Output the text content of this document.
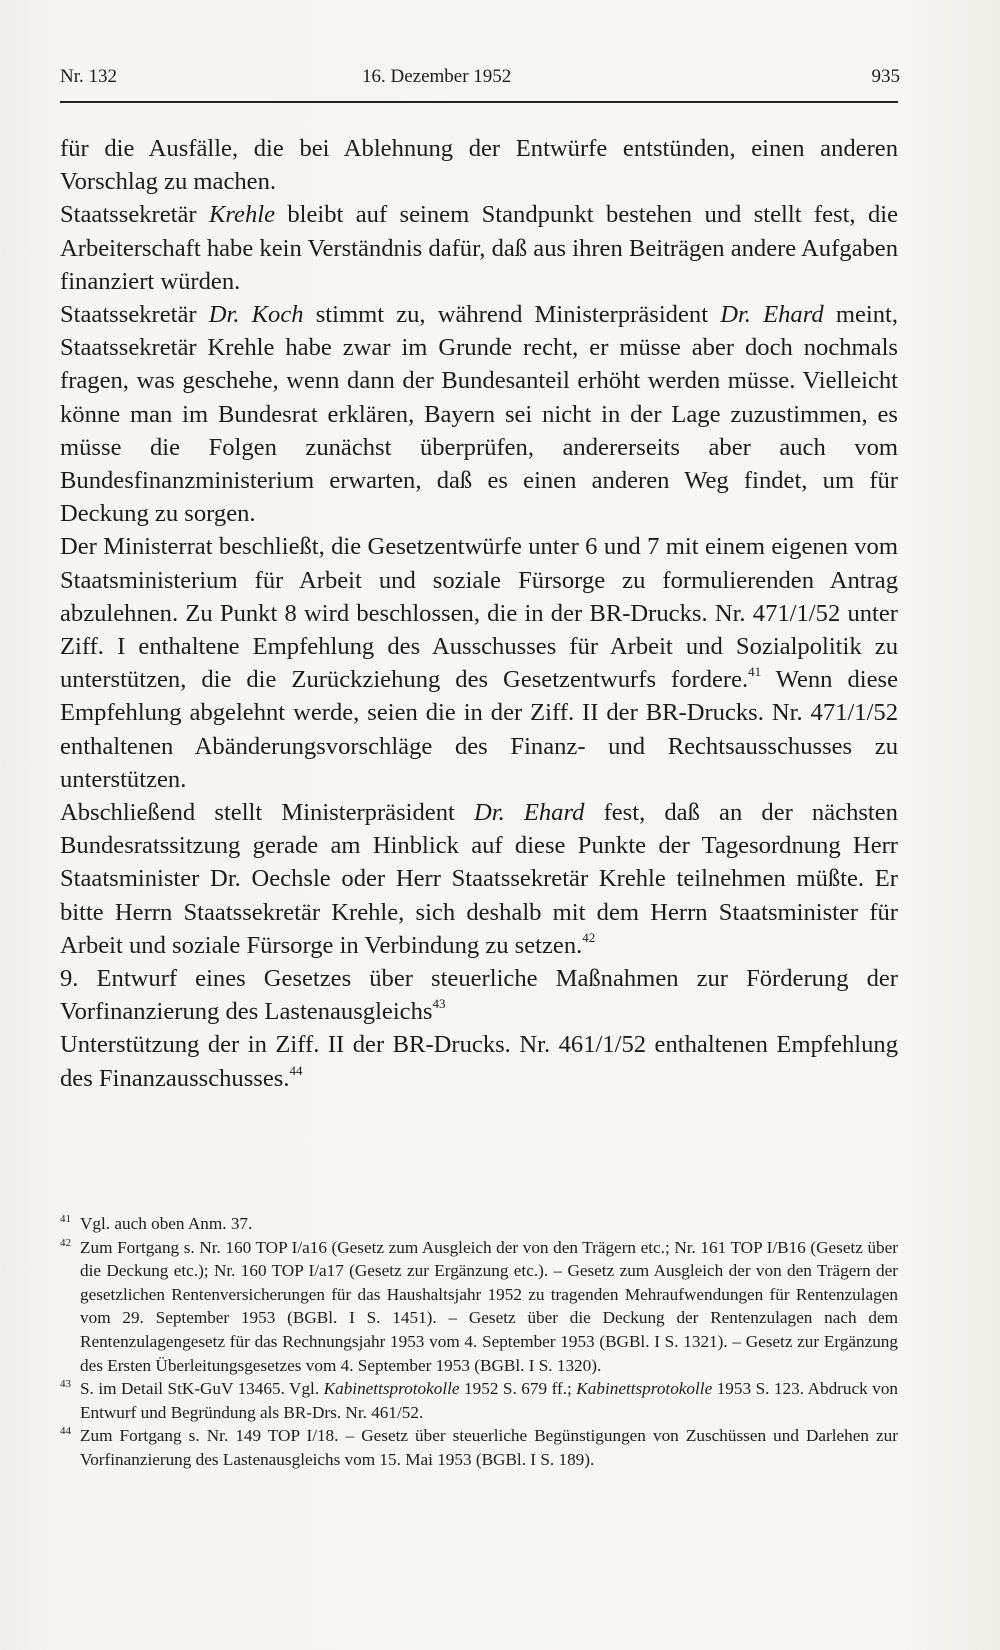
Nr. 132	16. Dezember 1952	935

für die Ausfälle, die bei Ablehnung der Entwürfe entstünden, einen anderen Vorschlag zu machen.

Staatssekretär Krehle bleibt auf seinem Standpunkt bestehen und stellt fest, die Arbeiterschaft habe kein Verständnis dafür, daß aus ihren Beiträgen andere Aufgaben finanziert würden.

Staatssekretär Dr. Koch stimmt zu, während Ministerpräsident Dr. Ehard meint, Staatssekretär Krehle habe zwar im Grunde recht, er müsse aber doch nochmals fragen, was geschehe, wenn dann der Bundesanteil erhöht werden müsse. Vielleicht könne man im Bundesrat erklären, Bayern sei nicht in der Lage zuzustimmen, es müsse die Folgen zunächst überprüfen, andererseits aber auch vom Bundesfinanzministerium erwarten, daß es einen anderen Weg findet, um für Deckung zu sorgen.

Der Ministerrat beschließt, die Gesetzentwürfe unter 6 und 7 mit einem eigenen vom Staatsministerium für Arbeit und soziale Fürsorge zu formulierenden Antrag abzulehnen. Zu Punkt 8 wird beschlossen, die in der BR-Drucks. Nr. 471/1/52 unter Ziff. I enthaltene Empfehlung des Ausschusses für Arbeit und Sozialpolitik zu unterstützen, die die Zurückziehung des Gesetzentwurfs fordere.$^{41}$ Wenn diese Empfehlung abgelehnt werde, seien die in der Ziff. II der BR-Drucks. Nr. 471/1/52 enthaltenen Abänderungsvorschläge des Finanz- und Rechtsausschusses zu unterstützen.

Abschließend stellt Ministerpräsident Dr. Ehard fest, daß an der nächsten Bundesratssitzung gerade am Hinblick auf diese Punkte der Tagesordnung Herr Staatsminister Dr. Oechsle oder Herr Staatssekretär Krehle teilnehmen müßte. Er bitte Herrn Staatssekretär Krehle, sich deshalb mit dem Herrn Staatsminister für Arbeit und soziale Fürsorge in Verbindung zu setzen.$^{42}$

9. Entwurf eines Gesetzes über steuerliche Maßnahmen zur Förderung der Vorfinanzierung des Lastenausgleichs$^{43}$

Unterstützung der in Ziff. II der BR-Drucks. Nr. 461/1/52 enthaltenen Empfehlung des Finanzausschusses.$^{44}$

41 Vgl. auch oben Anm. 37.

42 Zum Fortgang s. Nr. 160 TOP I/a16 (Gesetz zum Ausgleich der von den Trägern etc.; Nr. 161 TOP I/B16 (Gesetz über die Deckung etc.); Nr. 160 TOP I/a17 (Gesetz zur Ergänzung etc.). – Gesetz zum Ausgleich der von den Trägern der gesetzlichen Rentenversicherungen für das Haushaltsjahr 1952 zu tragenden Mehraufwendungen für Rentenzulagen vom 29. September 1953 (BGBl. I S. 1451). – Gesetz über die Deckung der Rentenzulagen nach dem Rentenzulagengesetz für das Rechnungsjahr 1953 vom 4. September 1953 (BGBl. I S. 1321). – Gesetz zur Ergänzung des Ersten Überleitungsgesetzes vom 4. September 1953 (BGBl. I S. 1320).

43 S. im Detail StK-GuV 13465. Vgl. Kabinettsprotokolle 1952 S. 679 ff.; Kabinettsprotokolle 1953 S. 123. Abdruck von Entwurf und Begründung als BR-Drs. Nr. 461/52.

44 Zum Fortgang s. Nr. 149 TOP I/18. – Gesetz über steuerliche Begünstigungen von Zuschüssen und Darlehen zur Vorfinanzierung des Lastenausgleichs vom 15. Mai 1953 (BGBl. I S. 189).
